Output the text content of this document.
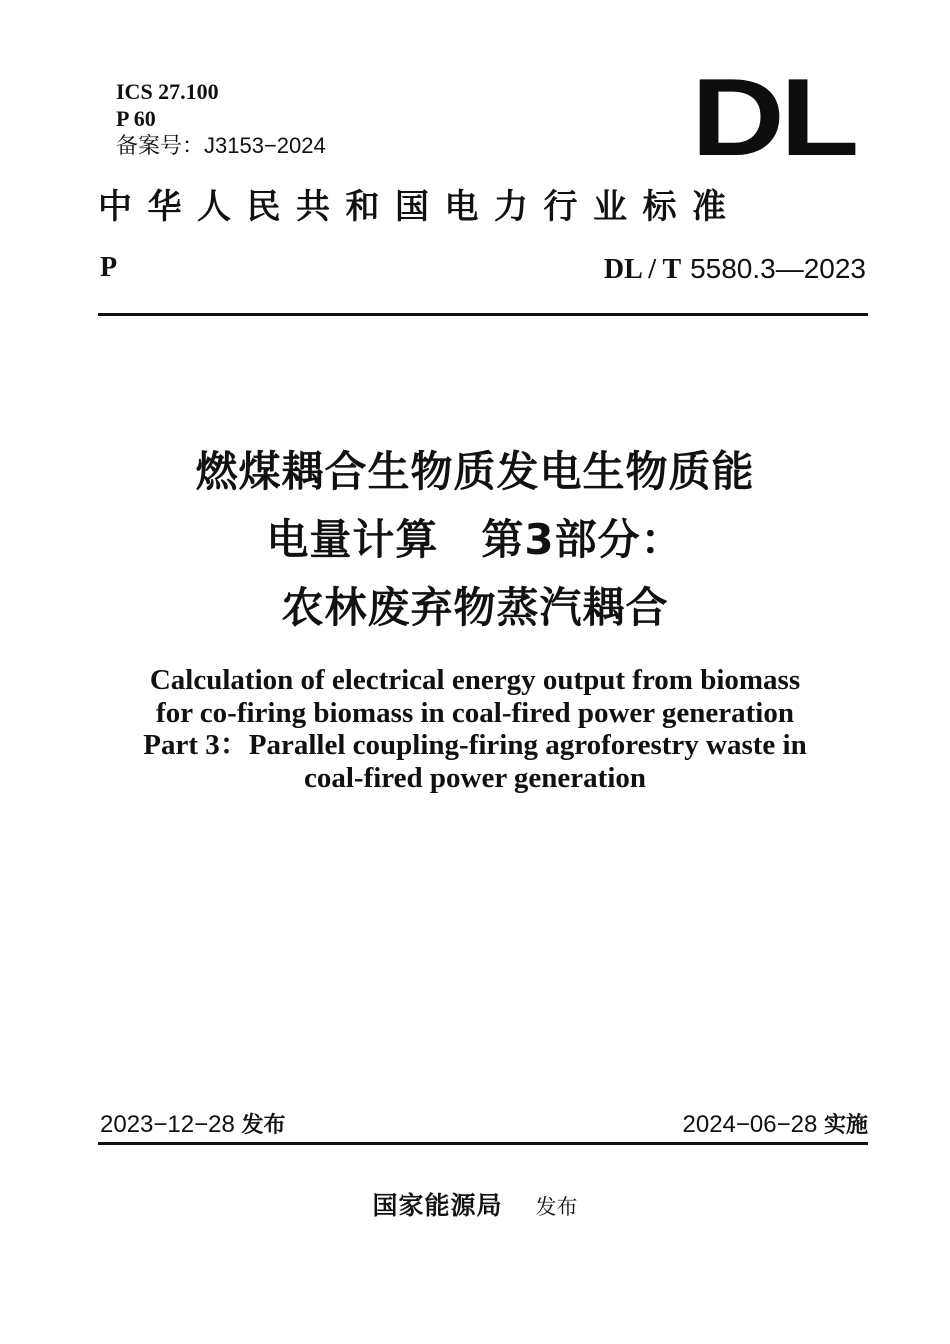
ICS 27.100
P 60
备案号：J3153−2024	DL
中华人民共和国电力行业标准
P	DL / T 5580.3—2023
燃煤耦合生物质发电生物质能
电量计算　第3部分：
农林废弃物蒸汽耦合
Calculation of electrical energy output from biomass
for co-firing biomass in coal-fired power generation
Part 3：Parallel coupling-firing agroforestry waste in
coal-fired power generation
2023−12−28 发布	2024−06−28 实施
国家能源局 发布
